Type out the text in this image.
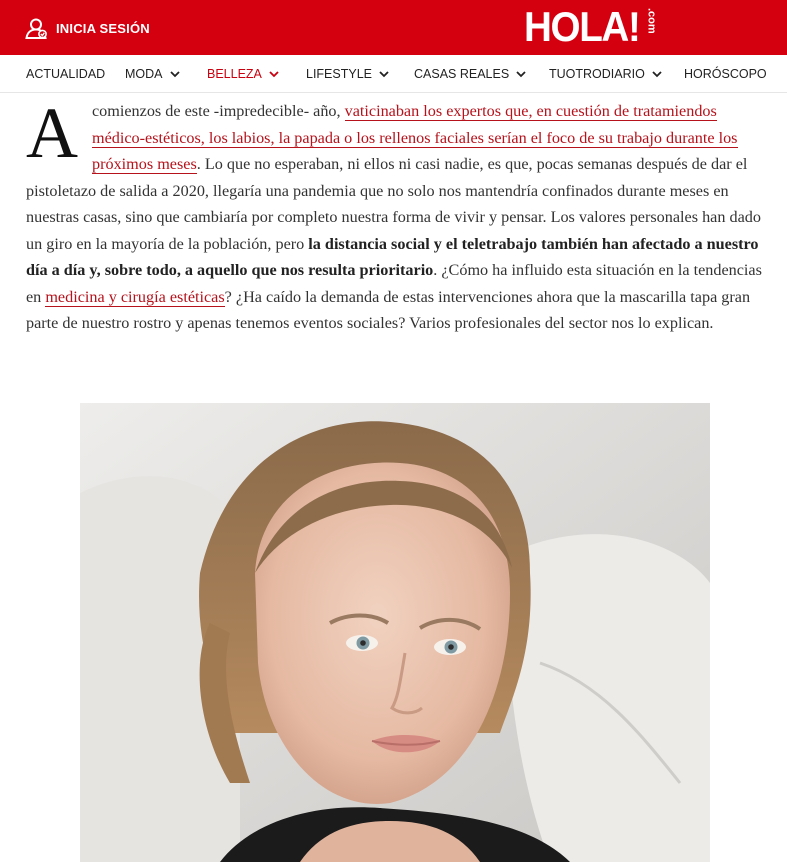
INICIA SESIÓN	HOLA! .com
ACTUALIDAD MODA	BELLEZA	LIFESTYLE	CASAS REALES	TUOTRODIARIO	HORÓSCOPO
A comienzos de este -impredecible- año, vaticinaban los expertos que, en cuestión de tratamiendos médico-estéticos, los labios, la papada o los rellenos faciales serían el foco de su trabajo durante los próximos meses. Lo que no esperaban, ni ellos ni casi nadie, es que, pocas semanas después de dar el pistoletazo de salida a 2020, llegaría una pandemia que no solo nos mantendría confinados durante meses en nuestras casas, sino que cambiaría por completo nuestra forma de vivir y pensar. Los valores personales han dado un giro en la mayoría de la población, pero la distancia social y el teletrabajo también han afectado a nuestro día a día y, sobre todo, a aquello que nos resulta prioritario. ¿Cómo ha influido esta situación en la tendencias en medicina y cirugía estéticas? ¿Ha caído la demanda de estas intervenciones ahora que la mascarilla tapa gran parte de nuestro rostro y apenas tenemos eventos sociales? Varios profesionales del sector nos lo explican.
